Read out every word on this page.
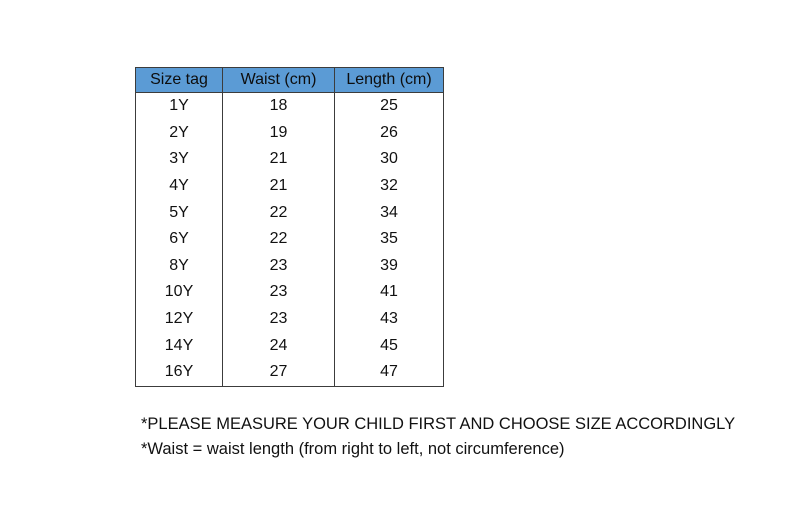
Size tag	Waist (cm)	Length (cm)
1Y	18	25
2Y	19	26
3Y	21	30
4Y	21	32
5Y	22	34
6Y	22	35
8Y	23	39
10Y	23	41
12Y	23	43
14Y	24	45
16Y	27	47
*PLEASE MEASURE YOUR CHILD FIRST AND CHOOSE SIZE ACCORDINGLY
*Waist = waist length (from right to left, not circumference)
